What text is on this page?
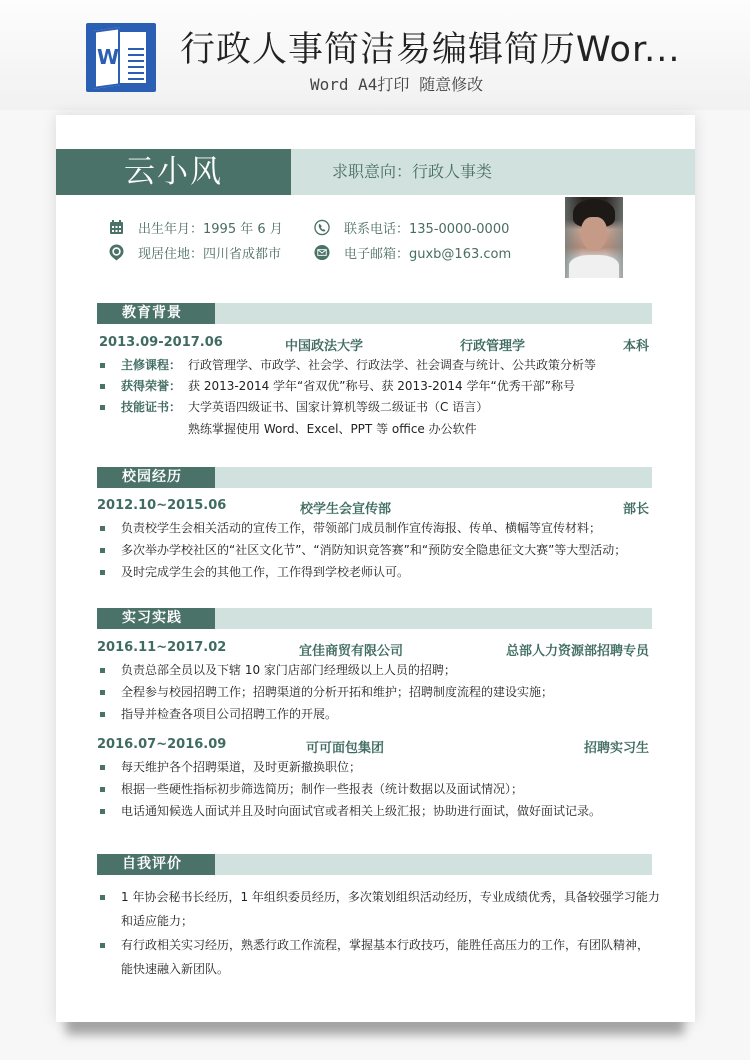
W 行政人事简洁易编辑简历Wor...
Word A4打印 随意修改
云小风	求职意向：行政人事类
出生年月：1995 年 6 月
现居住地：四川省成都市
联系电话：135-0000-0000
电子邮箱：guxb@163.com
教育背景
2013.09-2017.06	中国政法大学	行政管理学	本科
主修课程： 行政管理学、市政学、社会学、行政法学、社会调查与统计、公共政策分析等
获得荣誉： 获 2013-2014 学年“省双优”称号、获 2013-2014 学年“优秀干部”称号
技能证书： 大学英语四级证书、国家计算机等级二级证书（C 语言）
熟练掌握使用 Word、Excel、PPT 等 office 办公软件
校园经历
2012.10~2015.06	校学生会宣传部	部长
负责校学生会相关活动的宣传工作，带领部门成员制作宣传海报、传单、横幅等宣传材料；
多次举办学校社区的“社区文化节”、“消防知识竞答赛”和“预防安全隐患征文大赛”等大型活动；
及时完成学生会的其他工作，工作得到学校老师认可。
实习实践
2016.11~2017.02	宜佳商贸有限公司	总部人力资源部招聘专员
负责总部全员以及下辖 10 家门店部门经理级以上人员的招聘；
全程参与校园招聘工作；招聘渠道的分析开拓和维护；招聘制度流程的建设实施；
指导并检查各项目公司招聘工作的开展。
2016.07~2016.09	可可面包集团	招聘实习生
每天维护各个招聘渠道，及时更新撤换职位；
根据一些硬性指标初步筛选简历；制作一些报表（统计数据以及面试情况）；
电话通知候选人面试并且及时向面试官或者相关上级汇报；协助进行面试，做好面试记录。
自我评价
1 年协会秘书长经历，1 年组织委员经历，多次策划组织活动经历，专业成绩优秀，具备较强学习能力和适应能力；
有行政相关实习经历，熟悉行政工作流程，掌握基本行政技巧，能胜任高压力的工作，有团队精神，能快速融入新团队。
